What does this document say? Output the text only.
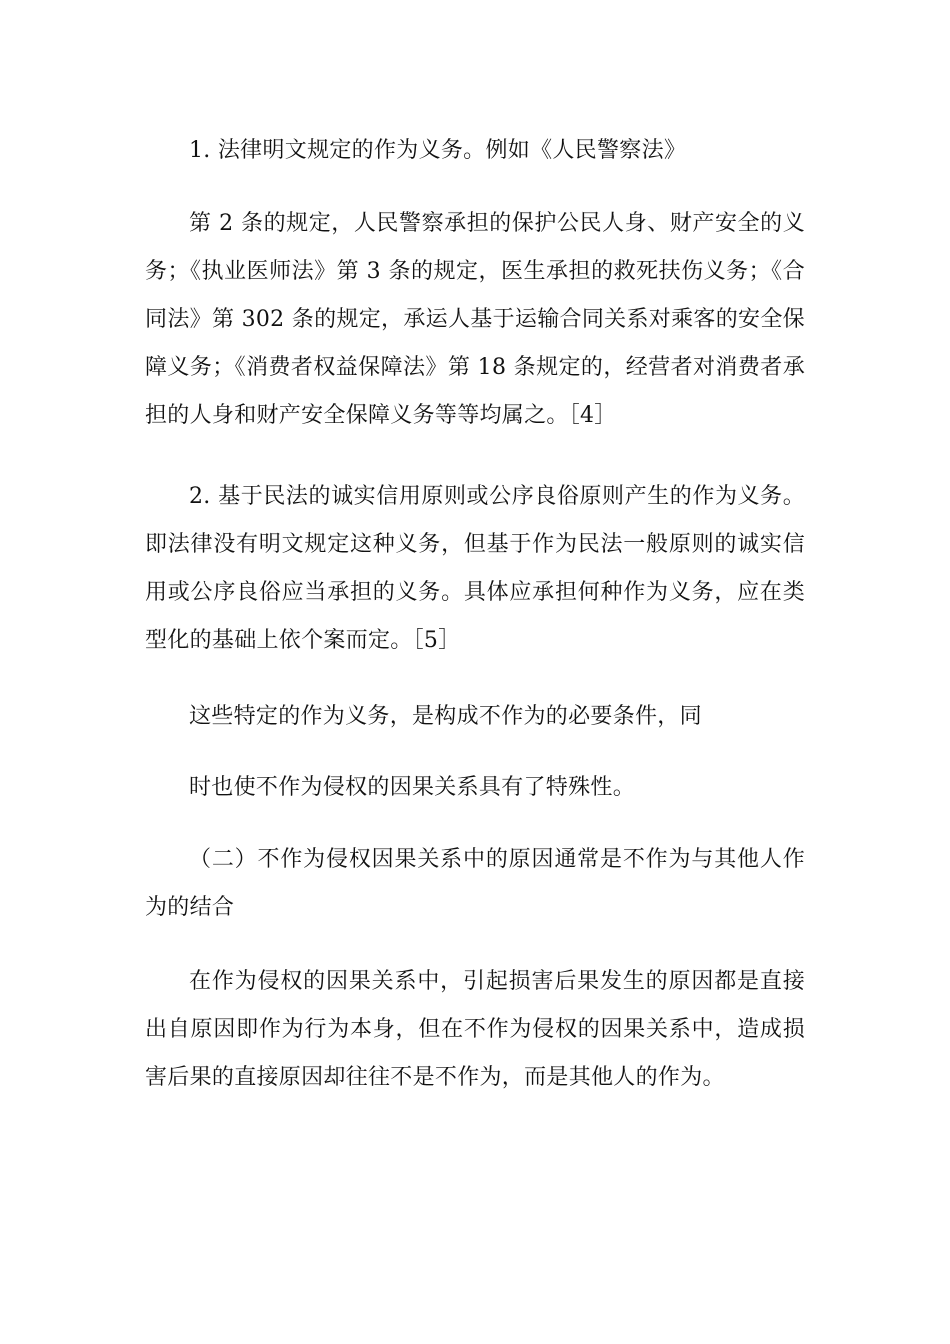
1. 法律明文规定的作为义务。例如《人民警察法》

第 2 条的规定，人民警察承担的保护公民人身、财产安全的义务；《执业医师法》第 3 条的规定，医生承担的救死扶伤义务；《合同法》第 302 条的规定，承运人基于运输合同关系对乘客的安全保障义务；《消费者权益保障法》第 18 条规定的，经营者对消费者承担的人身和财产安全保障义务等等均属之。［4］

2. 基于民法的诚实信用原则或公序良俗原则产生的作为义务。即法律没有明文规定这种义务，但基于作为民法一般原则的诚实信用或公序良俗应当承担的义务。具体应承担何种作为义务，应在类型化的基础上依个案而定。［5］

这些特定的作为义务，是构成不作为的必要条件，同

时也使不作为侵权的因果关系具有了特殊性。

（二）不作为侵权因果关系中的原因通常是不作为与其他人作为的结合

在作为侵权的因果关系中，引起损害后果发生的原因都是直接出自原因即作为行为本身，但在不作为侵权的因果关系中，造成损害后果的直接原因却往往不是不作为，而是其他人的作为。
